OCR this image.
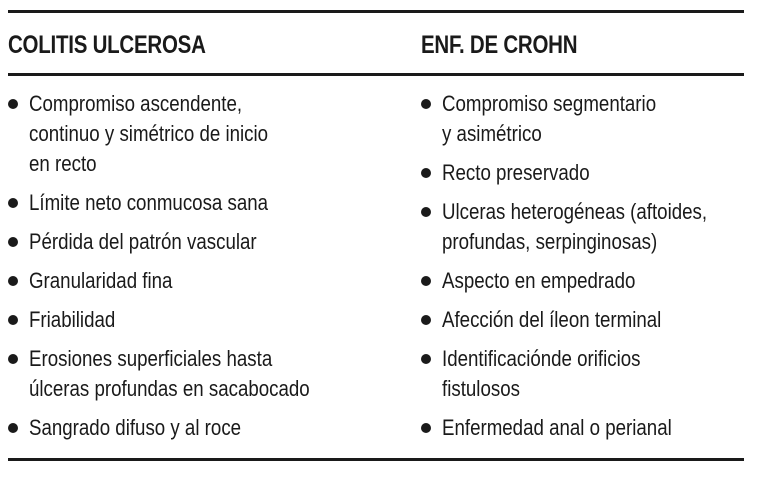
COLITIS ULCEROSA	ENF. DE CROHN
Compromiso ascendente,
continuo y simétrico de inicio
en recto
Límite neto conmucosa sana
Pérdida del patrón vascular
Granularidad fina
Friabilidad
Erosiones superficiales hasta
úlceras profundas en sacabocado
Sangrado difuso y al roce
Compromiso segmentario
y asimétrico
Recto preservado
Ulceras heterogéneas (aftoides,
profundas, serpinginosas)
Aspecto en empedrado
Afección del íleon terminal
Identificaciónde orificios
fistulosos
Enfermedad anal o perianal
